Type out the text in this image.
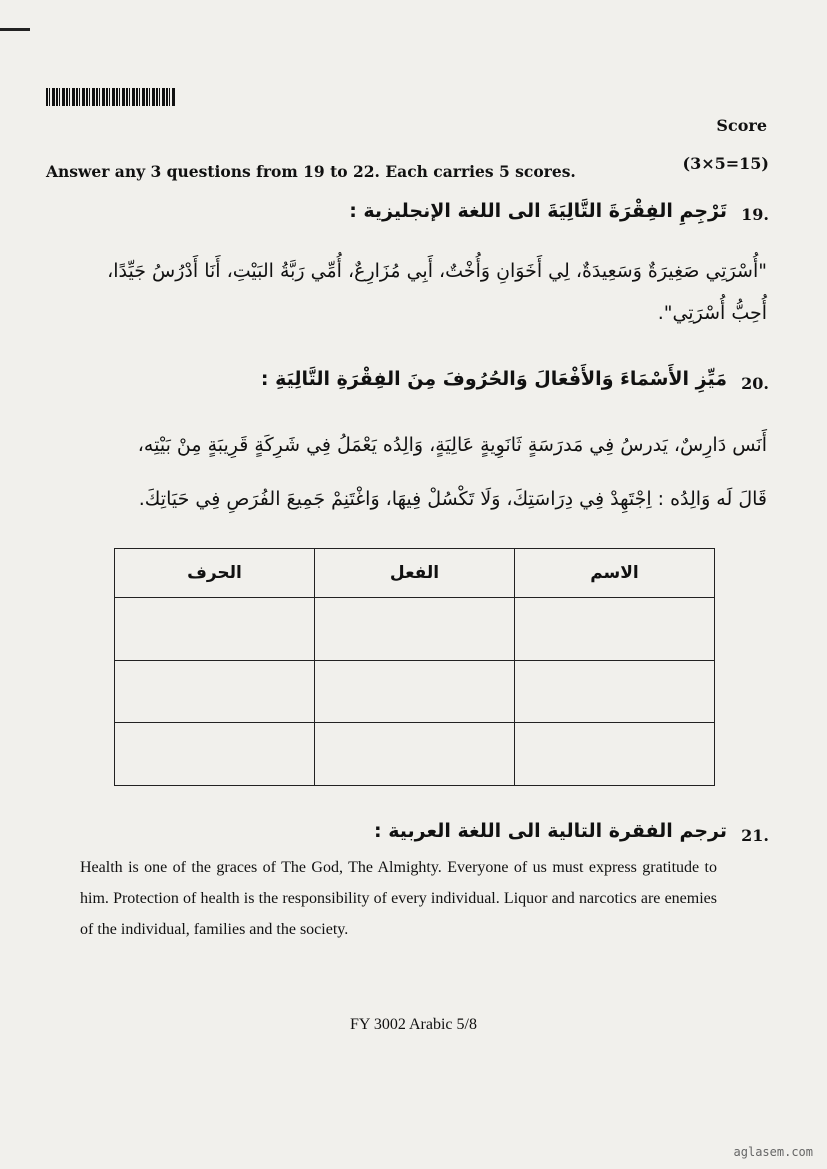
Score
Answer any 3 questions from 19 to 22. Each carries 5 scores.	(3×5=15)
19.
تَرْجِمِ الفِقْرَةَ التَّالِيَةَ الى اللغة الإنجليزية :
"أُسْرَتِي صَغِيرَةٌ وَسَعِيدَةٌ، لِي أَخَوَانِ وَأُخْتٌ، أَبِي مُزَارِعٌ، أُمِّي رَبَّةُ البَيْتِ، أَنَا أَدْرُسُ جَيِّدًا،
أُحِبُّ أُسْرَتِي".
20.
مَيِّزِ الأَسْمَاءَ وَالأَفْعَالَ وَالحُرُوفَ مِنَ الفِقْرَةِ التَّالِيَةِ :
أَنَس دَارِسٌ، يَدرسُ فِي مَدرَسَةٍ ثَانَوِيةٍ عَالِيَةٍ، وَالِدُه يَعْمَلُ فِي شَرِكَةٍ قَرِيبَةٍ مِنْ بَيْتِه،
قَالَ لَه وَالِدُه : اِجْتَهِدْ فِي دِرَاسَتِكَ، وَلَا تَكْسُلْ فِيهَا، وَاغْتَنِمْ جَمِيعَ الفُرَصِ فِي حَيَاتِكَ.
الحرف	الفعل	الاسم

21.
ترجم الفقرة التالية الى اللغة العربية :
Health is one of the graces of The God, The Almighty. Everyone of us must express gratitude to him. Protection of health is the responsibility of every individual. Liquor and narcotics are enemies of the individual, families and the society.
FY 3002 Arabic 5/8
aglasem.com
